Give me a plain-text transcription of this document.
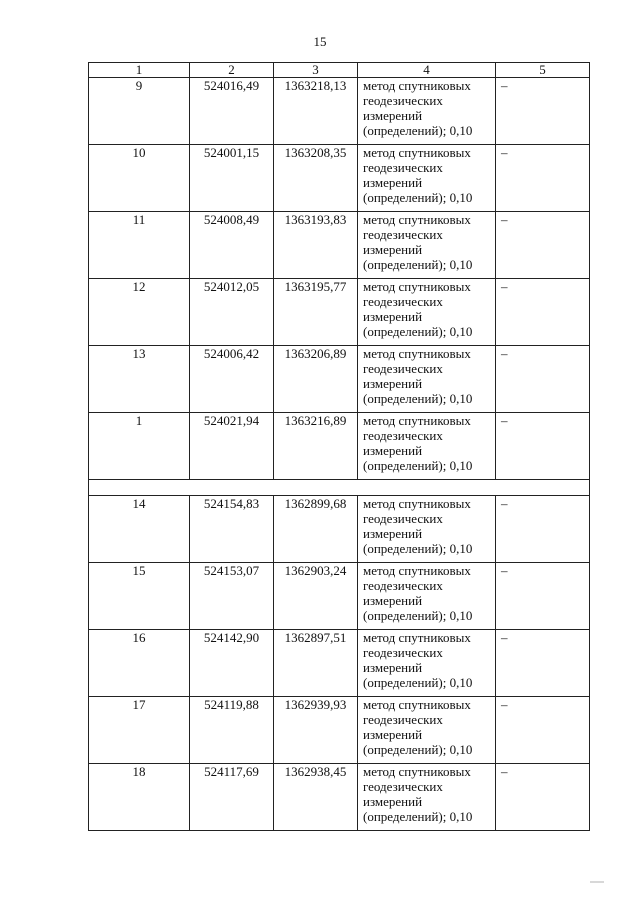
15
1	2	3	4	5
9	524016,49	1363218,13	метод спутниковых
геодезических
измерений
(определений); 0,10	–
10	524001,15	1363208,35	метод спутниковых
геодезических
измерений
(определений); 0,10	–
11	524008,49	1363193,83	метод спутниковых
геодезических
измерений
(определений); 0,10	–
12	524012,05	1363195,77	метод спутниковых
геодезических
измерений
(определений); 0,10	–
13	524006,42	1363206,89	метод спутниковых
геодезических
измерений
(определений); 0,10	–
1	524021,94	1363216,89	метод спутниковых
геодезических
измерений
(определений); 0,10	–

14	524154,83	1362899,68	метод спутниковых
геодезических
измерений
(определений); 0,10	–
15	524153,07	1362903,24	метод спутниковых
геодезических
измерений
(определений); 0,10	–
16	524142,90	1362897,51	метод спутниковых
геодезических
измерений
(определений); 0,10	–
17	524119,88	1362939,93	метод спутниковых
геодезических
измерений
(определений); 0,10	–
18	524117,69	1362938,45	метод спутниковых
геодезических
измерений
(определений); 0,10	–
